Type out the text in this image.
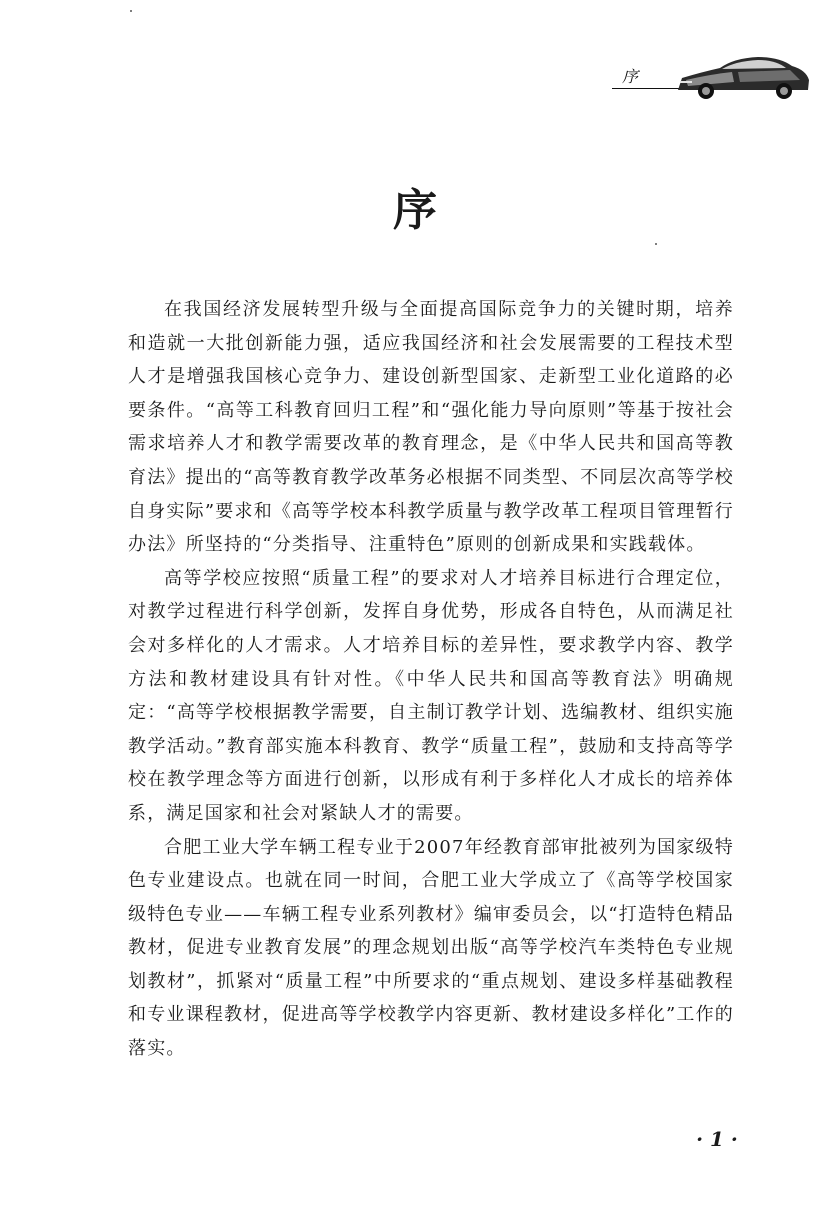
序
序

在我国经济发展转型升级与全面提高国际竞争力的关键时期，培养和造就一大批创新能力强，适应我国经济和社会发展需要的工程技术型人才是增强我国核心竞争力、建设创新型国家、走新型工业化道路的必要条件。“高等工科教育回归工程”和“强化能力导向原则”等基于按社会需求培养人才和教学需要改革的教育理念，是《中华人民共和国高等教育法》提出的“高等教育教学改革务必根据不同类型、不同层次高等学校自身实际”要求和《高等学校本科教学质量与教学改革工程项目管理暂行办法》所坚持的“分类指导、注重特色”原则的创新成果和实践载体。

高等学校应按照“质量工程”的要求对人才培养目标进行合理定位，对教学过程进行科学创新，发挥自身优势，形成各自特色，从而满足社会对多样化的人才需求。人才培养目标的差异性，要求教学内容、教学方法和教材建设具有针对性。《中华人民共和国高等教育法》明确规定：“高等学校根据教学需要，自主制订教学计划、选编教材、组织实施教学活动。”教育部实施本科教育、教学“质量工程”，鼓励和支持高等学校在教学理念等方面进行创新，以形成有利于多样化人才成长的培养体系，满足国家和社会对紧缺人才的需要。

合肥工业大学车辆工程专业于2007年经教育部审批被列为国家级特色专业建设点。也就在同一时间，合肥工业大学成立了《高等学校国家级特色专业——车辆工程专业系列教材》编审委员会，以“打造特色精品教材，促进专业教育发展”的理念规划出版“高等学校汽车类特色专业规划教材”，抓紧对“质量工程”中所要求的“重点规划、建设多样基础教程和专业课程教材，促进高等学校教学内容更新、教材建设多样化”工作的落实。

· 1 ·
